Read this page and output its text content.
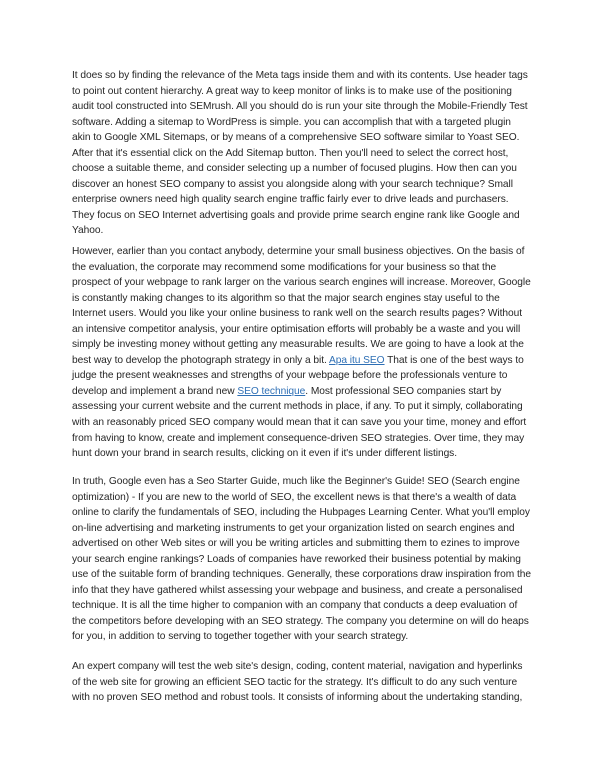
It does so by finding the relevance of the Meta tags inside them and with its contents. Use header tags to point out content hierarchy. A great way to keep monitor of links is to make use of the positioning audit tool constructed into SEMrush. All you should do is run your site through the Mobile-Friendly Test software. Adding a sitemap to WordPress is simple. you can accomplish that with a targeted plugin akin to Google XML Sitemaps, or by means of a comprehensive SEO software similar to Yoast SEO. After that it's essential click on the Add Sitemap button. Then you'll need to select the correct host, choose a suitable theme, and consider selecting up a number of focused plugins. How then can you discover an honest SEO company to assist you alongside along with your search technique? Small enterprise owners need high quality search engine traffic fairly ever to drive leads and purchasers. They focus on SEO Internet advertising goals and provide prime search engine rank like Google and Yahoo.

However, earlier than you contact anybody, determine your small business objectives. On the basis of the evaluation, the corporate may recommend some modifications for your business so that the prospect of your webpage to rank larger on the various search engines will increase. Moreover, Google is constantly making changes to its algorithm so that the major search engines stay useful to the Internet users. Would you like your online business to rank well on the search results pages? Without an intensive competitor analysis, your entire optimisation efforts will probably be a waste and you will simply be investing money without getting any measurable results. We are going to have a look at the best way to develop the photograph strategy in only a bit. Apa itu SEO That is one of the best ways to judge the present weaknesses and strengths of your webpage before the professionals venture to develop and implement a brand new SEO technique. Most professional SEO companies start by assessing your current website and the current methods in place, if any. To put it simply, collaborating with an reasonably priced SEO company would mean that it can save you your time, money and effort from having to know, create and implement consequence-driven SEO strategies. Over time, they may hunt down your brand in search results, clicking on it even if it's under different listings.

In truth, Google even has a Seo Starter Guide, much like the Beginner's Guide! SEO (Search engine optimization) - If you are new to the world of SEO, the excellent news is that there's a wealth of data online to clarify the fundamentals of SEO, including the Hubpages Learning Center. What you'll employ on-line advertising and marketing instruments to get your organization listed on search engines and advertised on other Web sites or will you be writing articles and submitting them to ezines to improve your search engine rankings? Loads of companies have reworked their business potential by making use of the suitable form of branding techniques. Generally, these corporations draw inspiration from the info that they have gathered whilst assessing your webpage and business, and create a personalised technique. It is all the time higher to companion with an company that conducts a deep evaluation of the competitors before developing with an SEO strategy. The company you determine on will do heaps for you, in addition to serving to together together with your search strategy.

An expert company will test the web site's design, coding, content material, navigation and hyperlinks of the web site for growing an efficient SEO tactic for the strategy. It's difficult to do any such venture with no proven SEO method and robust tools. It consists of informing about the undertaking standing,
